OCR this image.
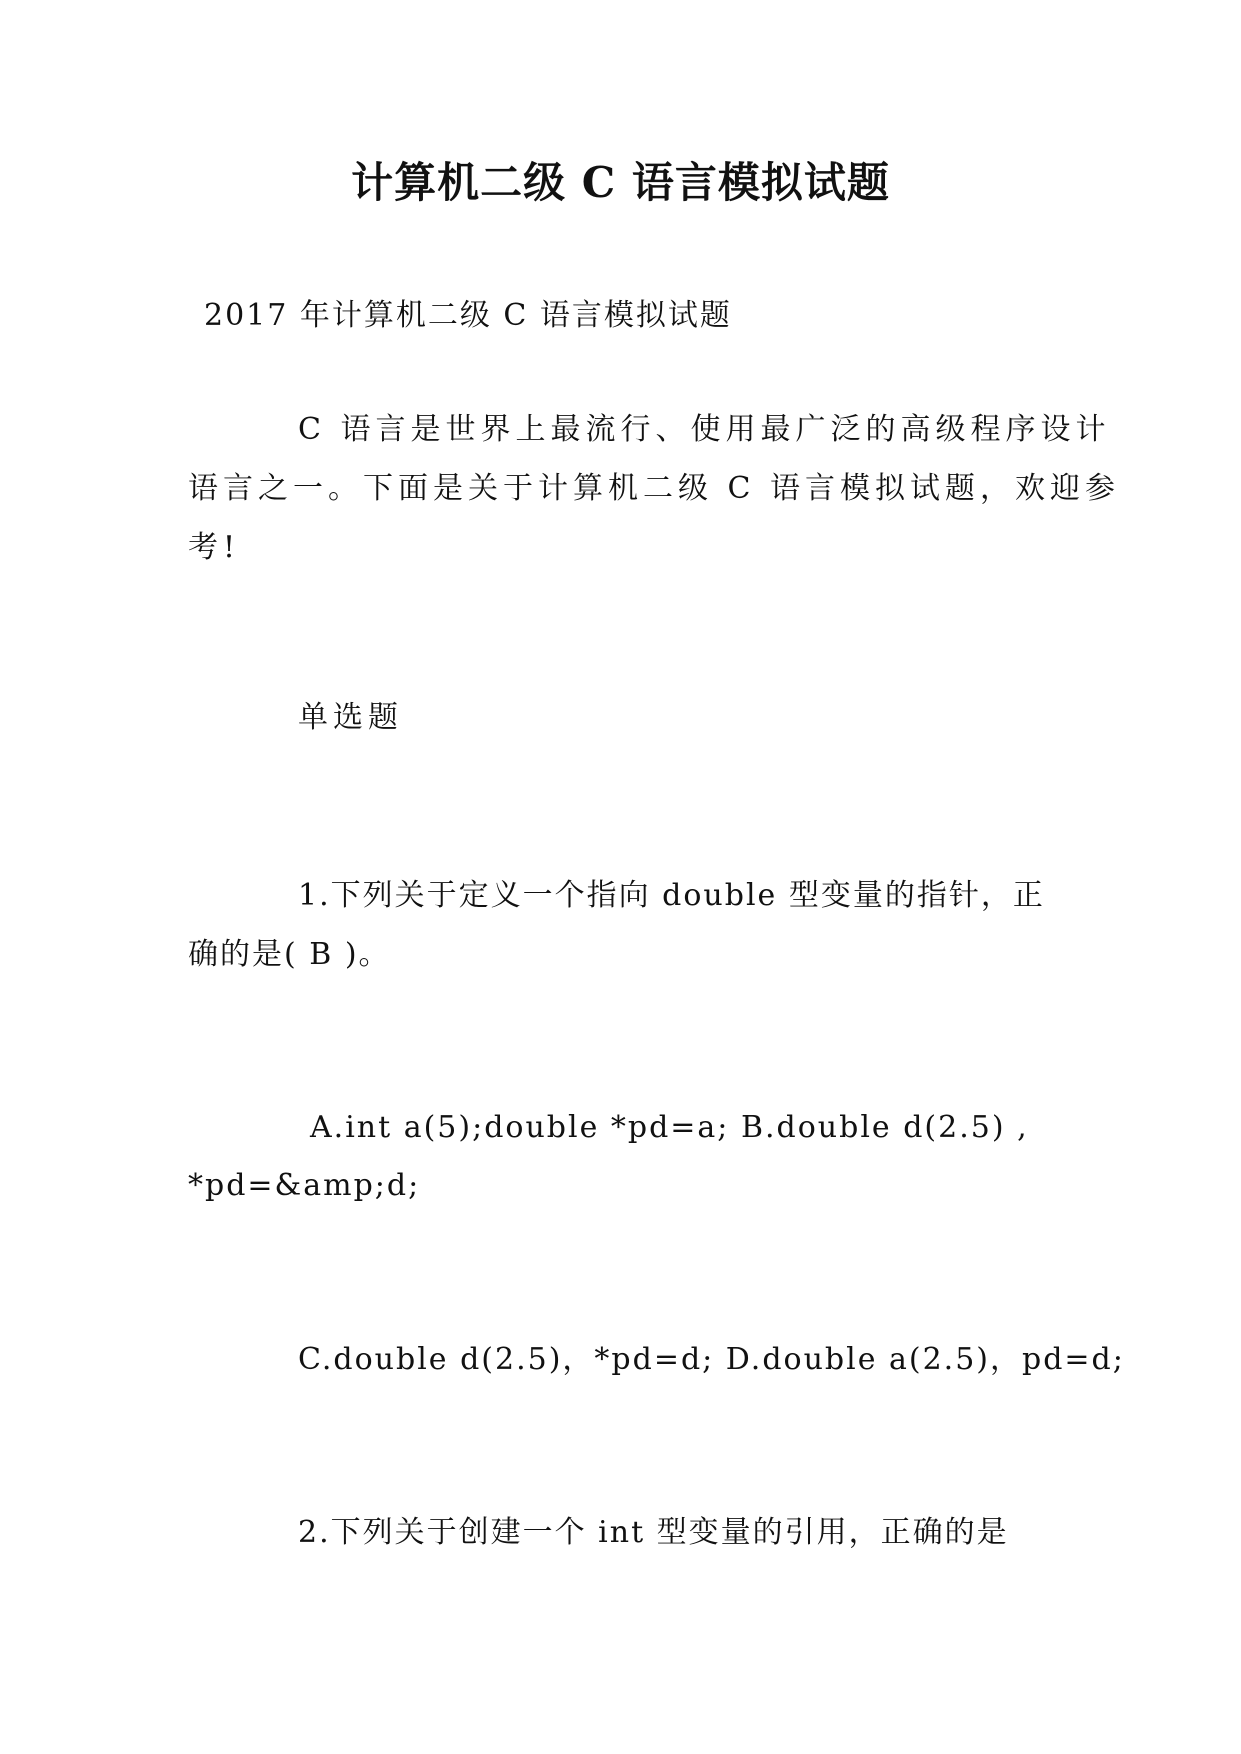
计算机二级 C 语言模拟试题
2017 年计算机二级 C 语言模拟试题
C 语言是世界上最流行、使用最广泛的高级程序设计
语言之一。下面是关于计算机二级 C 语言模拟试题，欢迎参
考!
单选题
1.下列关于定义一个指向 double 型变量的指针，正
确的是( B )。
A.int a(5);double *pd=a; B.double d(2.5) ,
*pd=&amp;d;
C.double d(2.5)，*pd=d; D.double a(2.5)，pd=d;
2.下列关于创建一个 int 型变量的引用，正确的是
